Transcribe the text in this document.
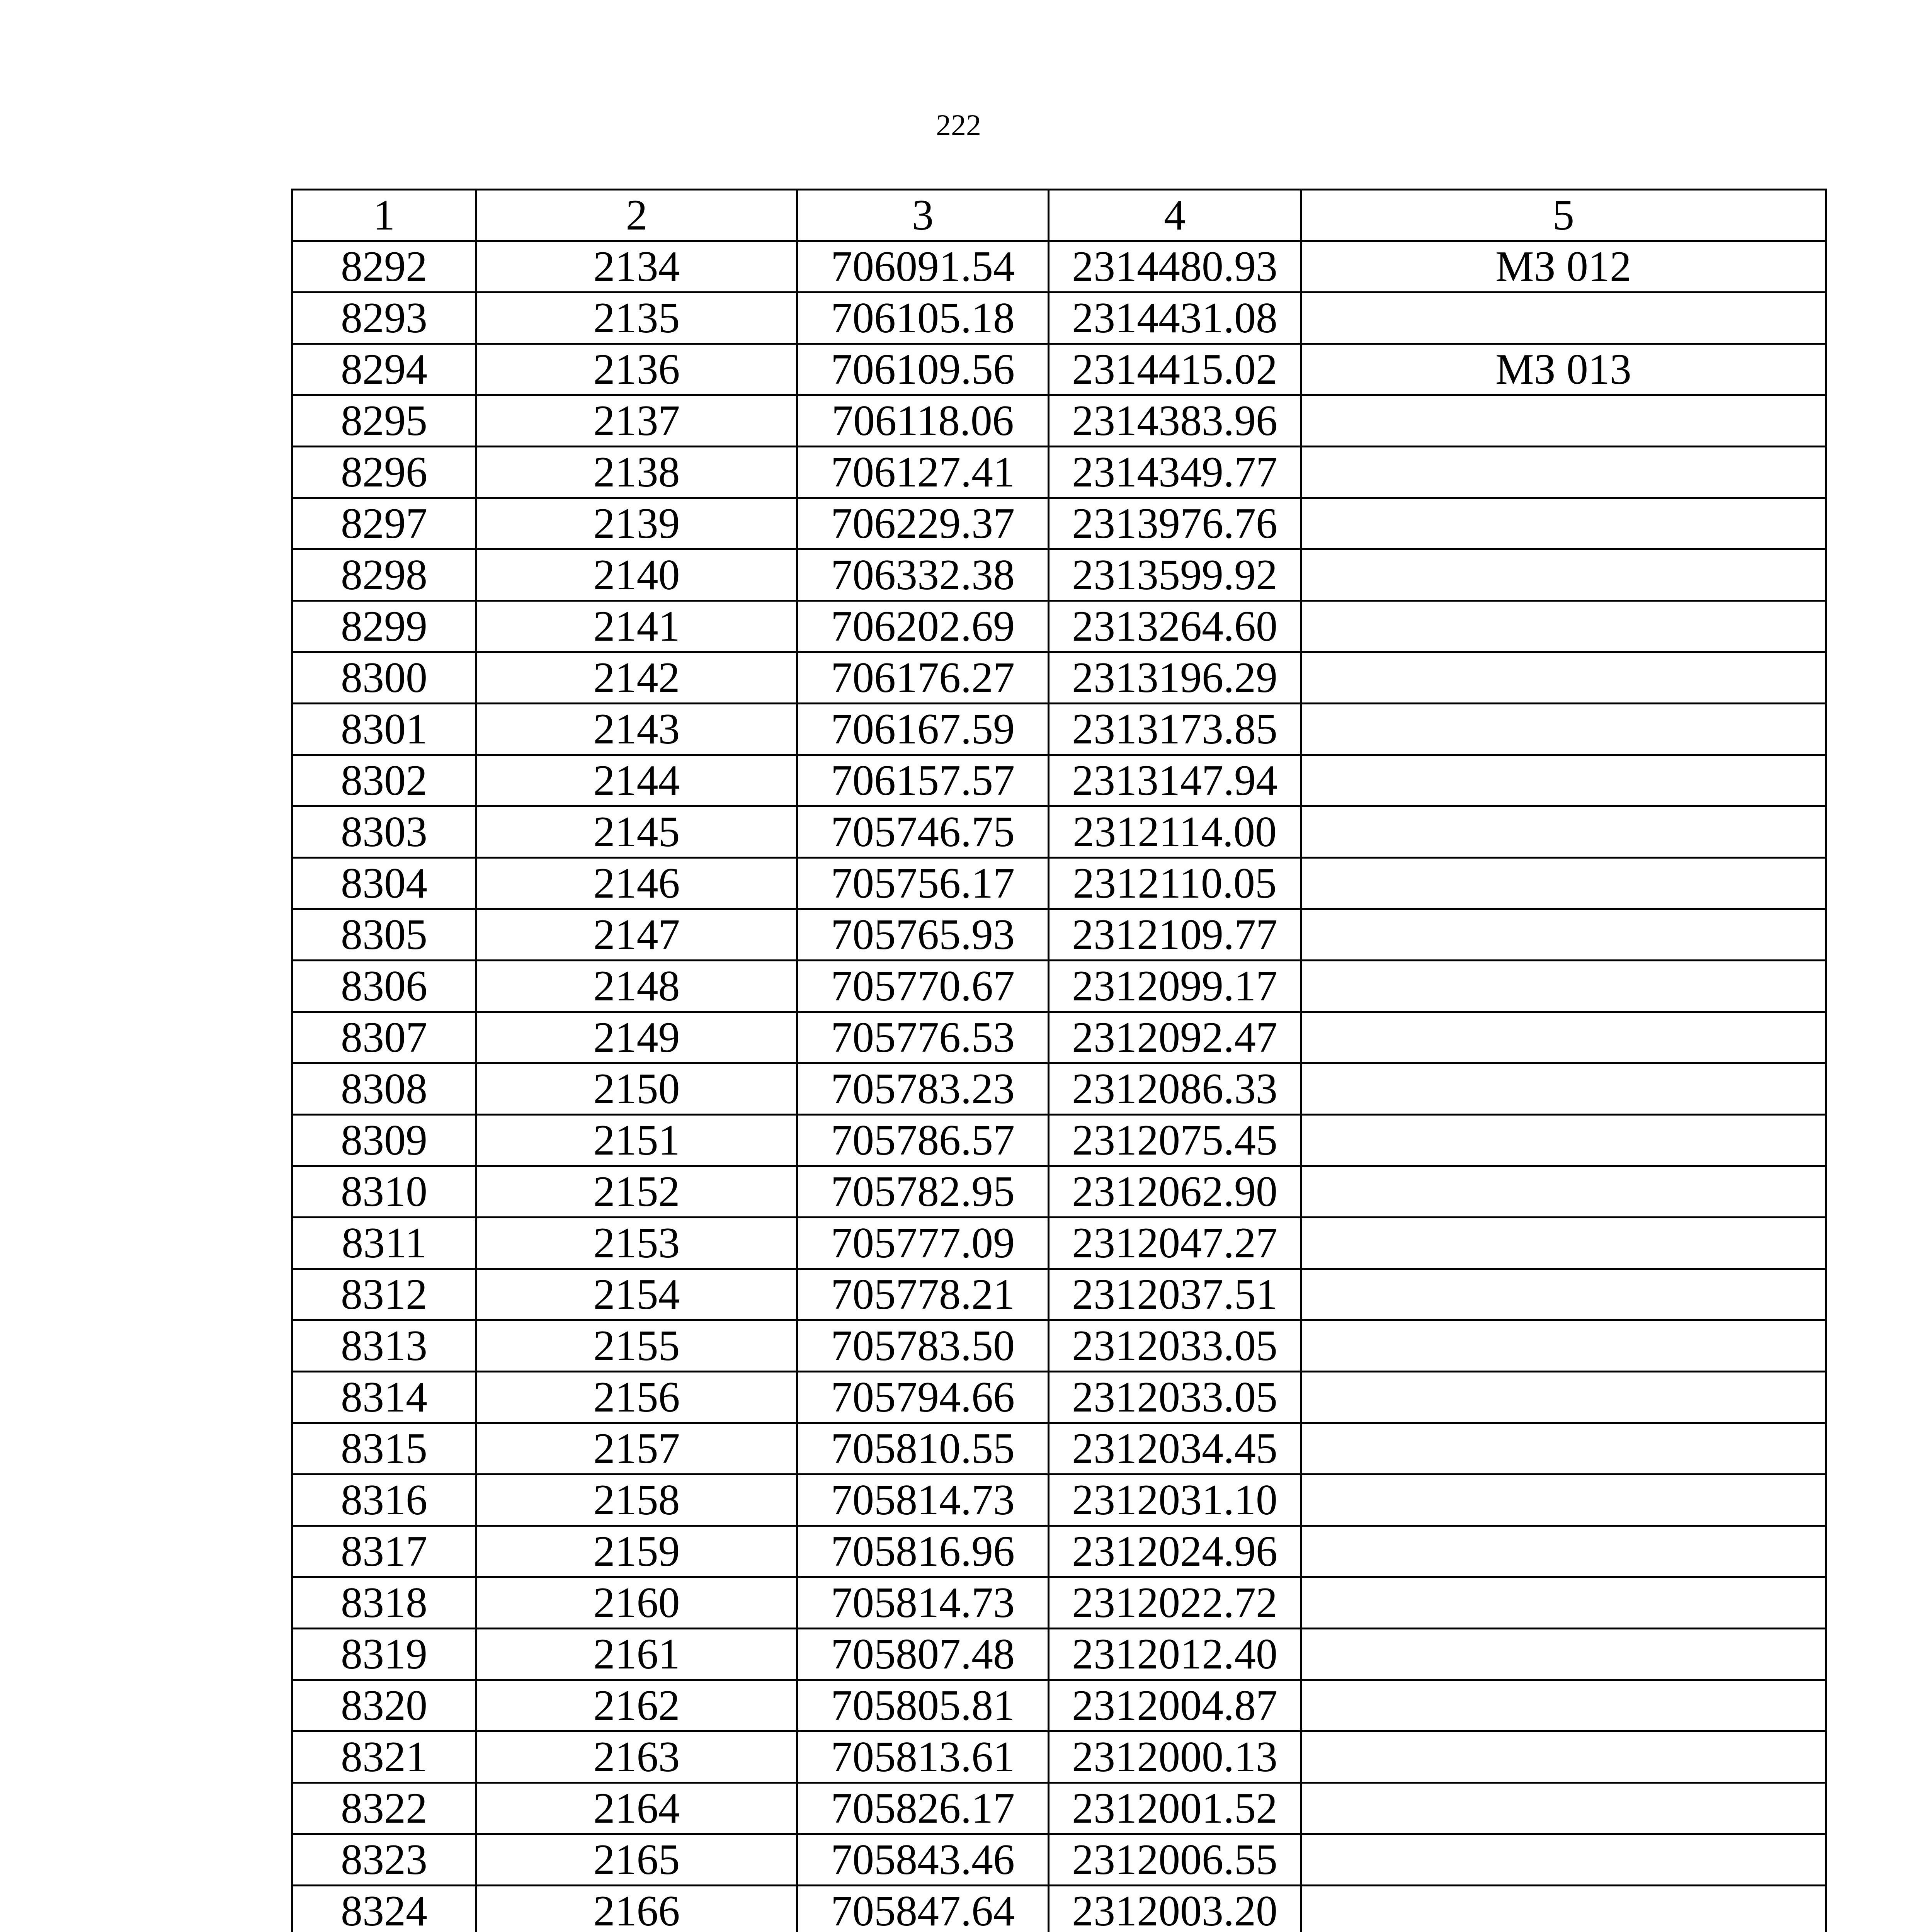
222
1	2	3	4	5
8292	2134	706091.54	2314480.93	МЗ 012
8293	2135	706105.18	2314431.08	
8294	2136	706109.56	2314415.02	МЗ 013
8295	2137	706118.06	2314383.96	
8296	2138	706127.41	2314349.77	
8297	2139	706229.37	2313976.76	
8298	2140	706332.38	2313599.92	
8299	2141	706202.69	2313264.60	
8300	2142	706176.27	2313196.29	
8301	2143	706167.59	2313173.85	
8302	2144	706157.57	2313147.94	
8303	2145	705746.75	2312114.00	
8304	2146	705756.17	2312110.05	
8305	2147	705765.93	2312109.77	
8306	2148	705770.67	2312099.17	
8307	2149	705776.53	2312092.47	
8308	2150	705783.23	2312086.33	
8309	2151	705786.57	2312075.45	
8310	2152	705782.95	2312062.90	
8311	2153	705777.09	2312047.27	
8312	2154	705778.21	2312037.51	
8313	2155	705783.50	2312033.05	
8314	2156	705794.66	2312033.05	
8315	2157	705810.55	2312034.45	
8316	2158	705814.73	2312031.10	
8317	2159	705816.96	2312024.96	
8318	2160	705814.73	2312022.72	
8319	2161	705807.48	2312012.40	
8320	2162	705805.81	2312004.87	
8321	2163	705813.61	2312000.13	
8322	2164	705826.17	2312001.52	
8323	2165	705843.46	2312006.55	
8324	2166	705847.64	2312003.20	
